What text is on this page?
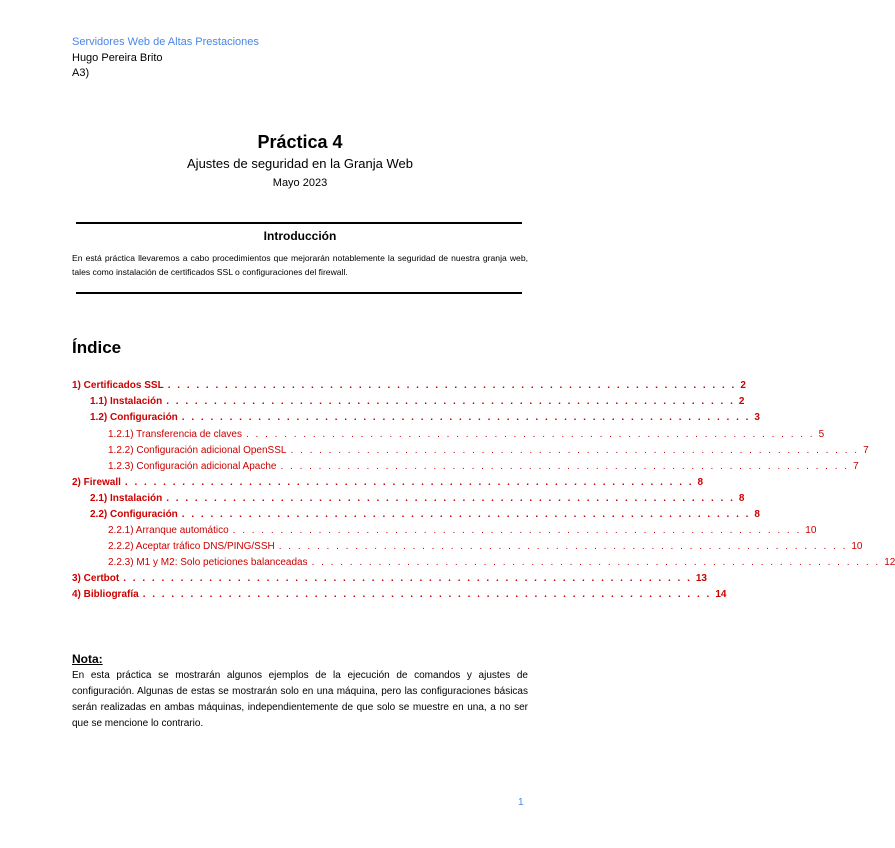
Servidores Web de Altas Prestaciones
Hugo Pereira Brito
A3)
Práctica 4
Ajustes de seguridad en la Granja Web
Mayo 2023
Introducción
En está práctica llevaremos a cabo procedimientos que mejorarán notablemente la seguridad de nuestra granja web, tales como instalación de certificados SSL o configuraciones del firewall.
Índice
1) Certificados SSL . . . . . . . . . . . . . . . . . . . . . . . . . . . . . . . . . . . . . . . . . . . . . . . . . . . . . . . . . . . . 2
1.1) Instalación . . . . . . . . . . . . . . . . . . . . . . . . . . . . . . . . . . . . . . . . . . . . . . . . . . . . . . . . . . . . 2
1.2) Configuración . . . . . . . . . . . . . . . . . . . . . . . . . . . . . . . . . . . . . . . . . . . . . . . . . . . . . . . . . . . . 3
1.2.1) Transferencia de claves . . . . . . . . . . . . . . . . . . . . . . . . . . . . . . . . . . . . . . . . . . . . . . . . . . . . . . . . . . . . 5
1.2.2) Configuración adicional OpenSSL . . . . . . . . . . . . . . . . . . . . . . . . . . . . . . . . . . . . . . . . . . . . . . . . . . . . . . . . . . . . 7
1.2.3) Configuración adicional Apache . . . . . . . . . . . . . . . . . . . . . . . . . . . . . . . . . . . . . . . . . . . . . . . . . . . . . . . . . . . . 7
2) Firewall . . . . . . . . . . . . . . . . . . . . . . . . . . . . . . . . . . . . . . . . . . . . . . . . . . . . . . . . . . . . 8
2.1) Instalación . . . . . . . . . . . . . . . . . . . . . . . . . . . . . . . . . . . . . . . . . . . . . . . . . . . . . . . . . . . . 8
2.2) Configuración . . . . . . . . . . . . . . . . . . . . . . . . . . . . . . . . . . . . . . . . . . . . . . . . . . . . . . . . . . . . 8
2.2.1) Arranque automático . . . . . . . . . . . . . . . . . . . . . . . . . . . . . . . . . . . . . . . . . . . . . . . . . . . . . . . . . . . . 10
2.2.2) Aceptar tráfico DNS/PING/SSH . . . . . . . . . . . . . . . . . . . . . . . . . . . . . . . . . . . . . . . . . . . . . . . . . . . . . . . . . . . . 10
2.2.3) M1 y M2: Solo peticiones balanceadas . . . . . . . . . . . . . . . . . . . . . . . . . . . . . . . . . . . . . . . . . . . . . . . . . . . . . . . . . . . . 12
3) Certbot . . . . . . . . . . . . . . . . . . . . . . . . . . . . . . . . . . . . . . . . . . . . . . . . . . . . . . . . . . . . 13
4) Bibliografía . . . . . . . . . . . . . . . . . . . . . . . . . . . . . . . . . . . . . . . . . . . . . . . . . . . . . . . . . . . . 14
Nota:
En esta práctica se mostrarán algunos ejemplos de la ejecución de comandos y ajustes de configuración. Algunas de estas se mostrarán solo en una máquina, pero las configuraciones básicas serán realizadas en ambas máquinas, independientemente de que solo se muestre en una, a no ser que se mencione lo contrario.
1
